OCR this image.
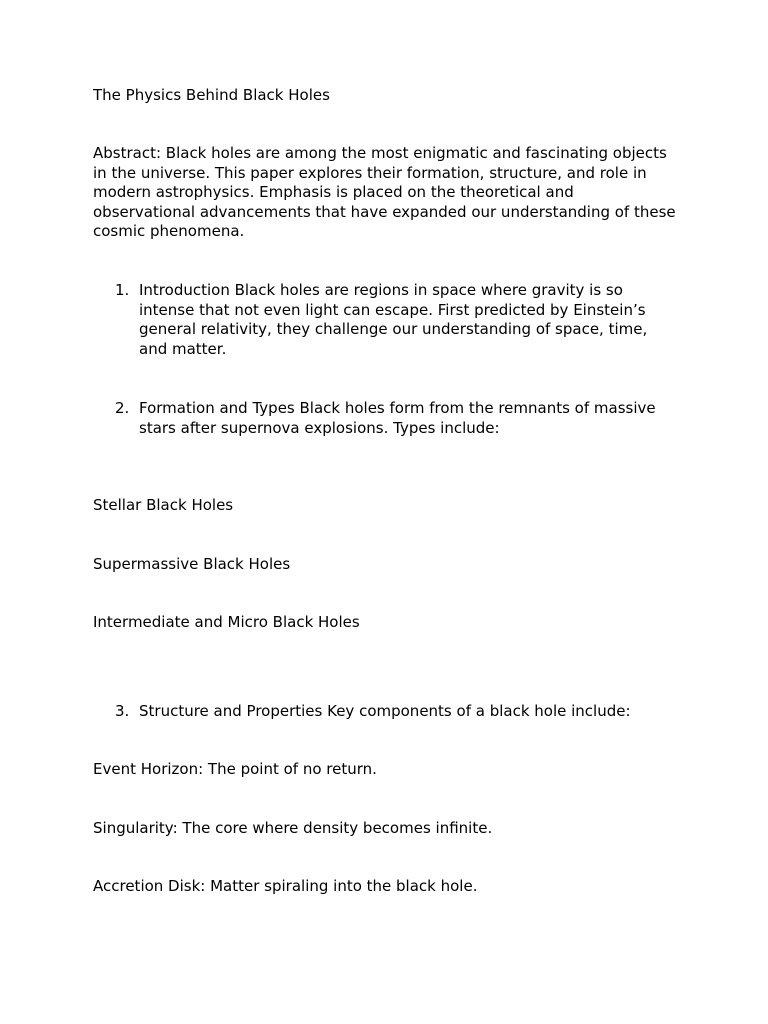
The Physics Behind Black Holes

Abstract: Black holes are among the most enigmatic and fascinating objects in the universe. This paper explores their formation, structure, and role in modern astrophysics. Emphasis is placed on the theoretical and observational advancements that have expanded our understanding of these cosmic phenomena.

1. Introduction Black holes are regions in space where gravity is so intense that not even light can escape. First predicted by Einstein’s general relativity, they challenge our understanding of space, time, and matter.
2. Formation and Types Black holes form from the remnants of massive stars after supernova explosions. Types include:

Stellar Black Holes

Supermassive Black Holes

Intermediate and Micro Black Holes

3. Structure and Properties Key components of a black hole include:

Event Horizon: The point of no return.

Singularity: The core where density becomes infinite.

Accretion Disk: Matter spiraling into the black hole.
